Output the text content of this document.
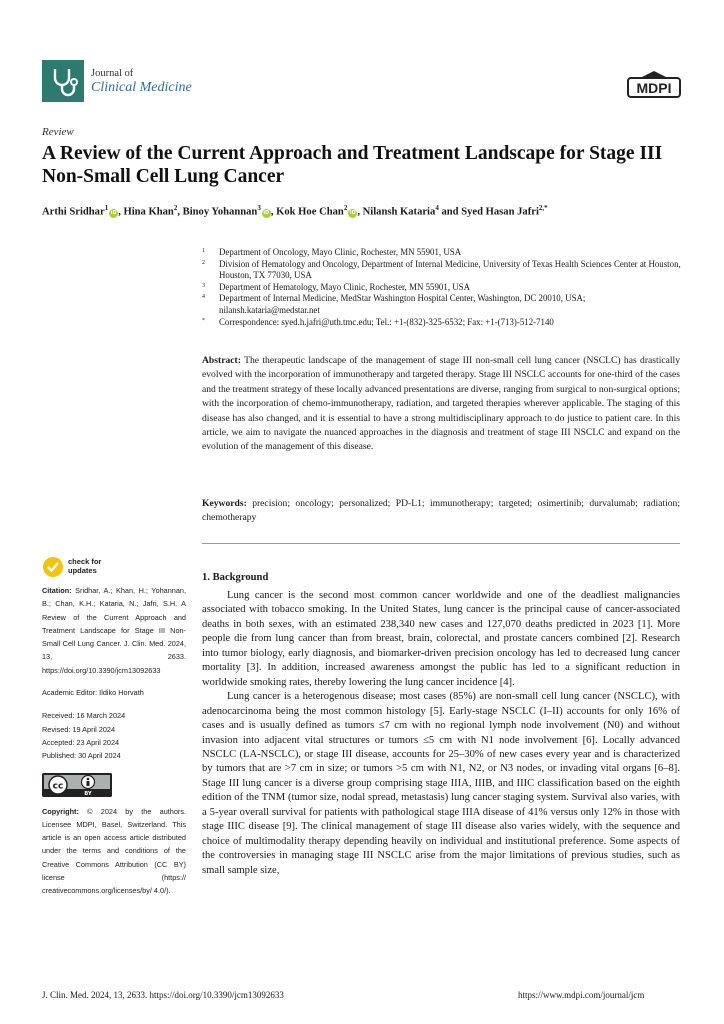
Journal of
Clinical Medicine	MDPI
Review
A Review of the Current Approach and Treatment Landscape for Stage III Non-Small Cell Lung Cancer
Arthi Sridhar$^1$iD , Hina Khan$^2$, Binoy Yohannan$^3$iD , Kok Hoe Chan$^2$iD , Nilansh Kataria$^4$ and Syed Hasan Jafri$^{2,*}$
1 Department of Oncology, Mayo Clinic, Rochester, MN 55901, USA
2 Division of Hematology and Oncology, Department of Internal Medicine, University of Texas Health Sciences Center at Houston, Houston, TX 77030, USA
3 Department of Hematology, Mayo Clinic, Rochester, MN 55901, USA
4 Department of Internal Medicine, MedStar Washington Hospital Center, Washington, DC 20010, USA; nilansh.kataria@medstar.net
* Correspondence: syed.h.jafri@uth.tmc.edu; Tel.: +1-(832)-325-6532; Fax: +1-(713)-512-7140
Abstract: The therapeutic landscape of the management of stage III non-small cell lung cancer (NSCLC) has drastically evolved with the incorporation of immunotherapy and targeted therapy. Stage III NSCLC accounts for one-third of the cases and the treatment strategy of these locally advanced presentations are diverse, ranging from surgical to non-surgical options; with the incorporation of chemo-immunotherapy, radiation, and targeted therapies wherever applicable. The staging of this disease has also changed, and it is essential to have a strong multidisciplinary approach to do justice to patient care. In this article, we aim to navigate the nuanced approaches in the diagnosis and treatment of stage III NSCLC and expand on the evolution of the management of this disease.
Keywords: precision; oncology; personalized; PD-L1; immunotherapy; targeted; osimertinib; durvalumab; radiation; chemotherapy
check for
updates

Citation: Sridhar, A.; Khan, H.; Yohannan, B.; Chan, K.H.; Kataria, N.; Jafri, S.H. A Review of the Current Approach and Treatment Landscape for Stage III Non-Small Cell Lung Cancer. J. Clin. Med. 2024, 13, 2633. https://doi.org/10.3390/jcm13092633

Academic Editor: Ildiko Horvath

Received: 16 March 2024
Revised: 19 April 2024
Accepted: 23 April 2024
Published: 30 April 2024

cc
BY

Copyright: © 2024 by the authors. Licensee MDPI, Basel, Switzerland. This article is an open access article distributed under the terms and conditions of the Creative Commons Attribution (CC BY) license (https:// creativecommons.org/licenses/by/ 4.0/).

1. Background

Lung cancer is the second most common cancer worldwide and one of the deadliest malignancies associated with tobacco smoking. In the United States, lung cancer is the principal cause of cancer-associated deaths in both sexes, with an estimated 238,340 new cases and 127,070 deaths predicted in 2023 [1]. More people die from lung cancer than from breast, brain, colorectal, and prostate cancers combined [2]. Research into tumor biology, early diagnosis, and biomarker-driven precision oncology has led to decreased lung cancer mortality [3]. In addition, increased awareness amongst the public has led to a significant reduction in worldwide smoking rates, thereby lowering the lung cancer incidence [4].

Lung cancer is a heterogenous disease; most cases (85%) are non-small cell lung cancer (NSCLC), with adenocarcinoma being the most common histology [5]. Early-stage NSCLC (I–II) accounts for only 16% of cases and is usually defined as tumors ≤7 cm with no regional lymph node involvement (N0) and without invasion into adjacent vital structures or tumors ≤5 cm with N1 node involvement [6]. Locally advanced NSCLC (LA-NSCLC), or stage III disease, accounts for 25–30% of new cases every year and is characterized by tumors that are >7 cm in size; or tumors >5 cm with N1, N2, or N3 nodes, or invading vital organs [6–8]. Stage III lung cancer is a diverse group comprising stage IIIA, IIIB, and IIIC classification based on the eighth edition of the TNM (tumor size, nodal spread, metastasis) lung cancer staging system. Survival also varies, with a 5-year overall survival for patients with pathological stage IIIA disease of 41% versus only 12% in those with stage IIIC disease [9]. The clinical management of stage III disease also varies widely, with the sequence and choice of multimodality therapy depending heavily on individual and institutional preference. Some aspects of the controversies in managing stage III NSCLC arise from the major limitations of previous studies, such as small sample size,

J. Clin. Med. 2024, 13, 2633. https://doi.org/10.3390/jcm13092633	https://www.mdpi.com/journal/jcm
